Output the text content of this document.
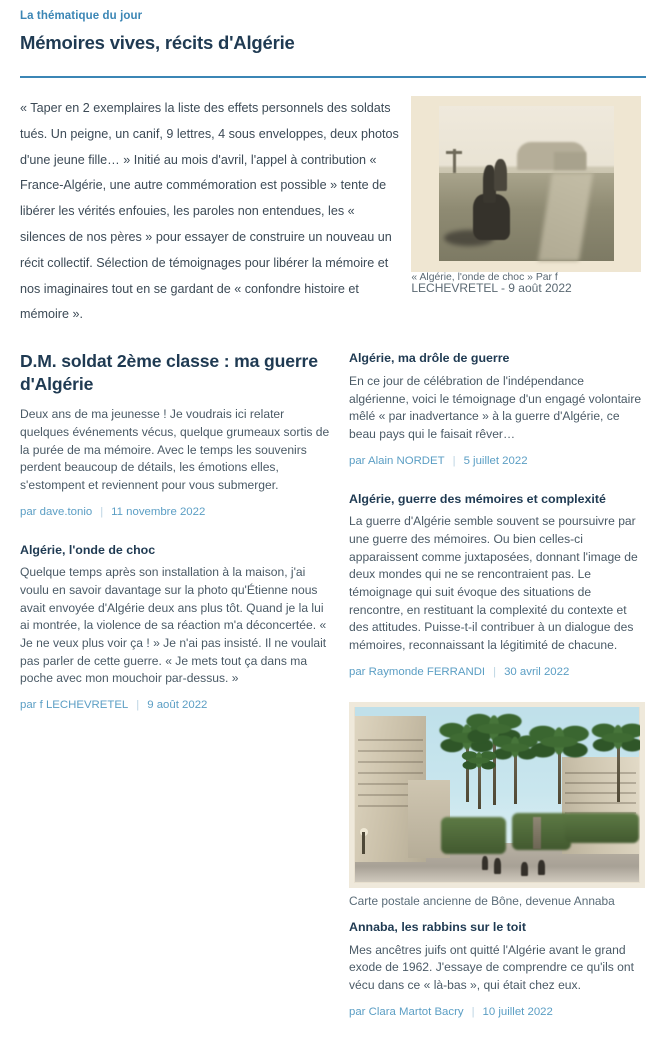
La thématique du jour
Mémoires vives, récits d'Algérie
« Taper en 2 exemplaires la liste des effets personnels des soldats tués. Un peigne, un canif, 9 lettres, 4 sous enveloppes, deux photos d'une jeune fille… » Initié au mois d'avril, l'appel à contribution « France-Algérie, une autre commémoration est possible » tente de libérer les vérités enfouies, les paroles non entendues, les « silences de nos pères » pour essayer de construire un nouveau un récit collectif. Sélection de témoignages pour libérer la mémoire et nos imaginaires tout en se gardant de « confondre histoire et mémoire ».
« Algérie, l'onde de choc » Par f
LECHEVRETEL - 9 août 2022
D.M. soldat 2ème classe : ma guerre d'Algérie

Deux ans de ma jeunesse ! Je voudrais ici relater quelques événements vécus, quelque grumeaux sortis de la purée de ma mémoire. Avec le temps les souvenirs perdent beaucoup de détails, les émotions elles, s'estompent et reviennent pour vous submerger.

par dave.tonio | 11 novembre 2022
Algérie, l'onde de choc

Quelque temps après son installation à la maison, j'ai voulu en savoir davantage sur la photo qu'Étienne nous avait envoyée d'Algérie deux ans plus tôt. Quand je la lui ai montrée, la violence de sa réaction m'a déconcertée. « Je ne veux plus voir ça ! » Je n'ai pas insisté. Il ne voulait pas parler de cette guerre. « Je mets tout ça dans ma poche avec mon mouchoir par-dessus. »

par f LECHEVRETEL | 9 août 2022
Algérie, ma drôle de guerre

En ce jour de célébration de l'indépendance algérienne, voici le témoignage d'un engagé volontaire mêlé « par inadvertance » à la guerre d'Algérie, ce beau pays qui le faisait rêver…

par Alain NORDET | 5 juillet 2022
Algérie, guerre des mémoires et complexité

La guerre d'Algérie semble souvent se poursuivre par une guerre des mémoires. Ou bien celles-ci apparaissent comme juxtaposées, donnant l'image de deux mondes qui ne se rencontraient pas. Le témoignage qui suit évoque des situations de rencontre, en restituant la complexité du contexte et des attitudes. Puisse-t-il contribuer à un dialogue des mémoires, reconnaissant la légitimité de chacune.

par Raymonde FERRANDI | 30 avril 2022
Carte postale ancienne de Bône, devenue Annaba
Annaba, les rabbins sur le toit

Mes ancêtres juifs ont quitté l'Algérie avant le grand exode de 1962. J'essaye de comprendre ce qu'ils ont vécu dans ce « là-bas », qui était chez eux.

par Clara Martot Bacry | 10 juillet 2022
